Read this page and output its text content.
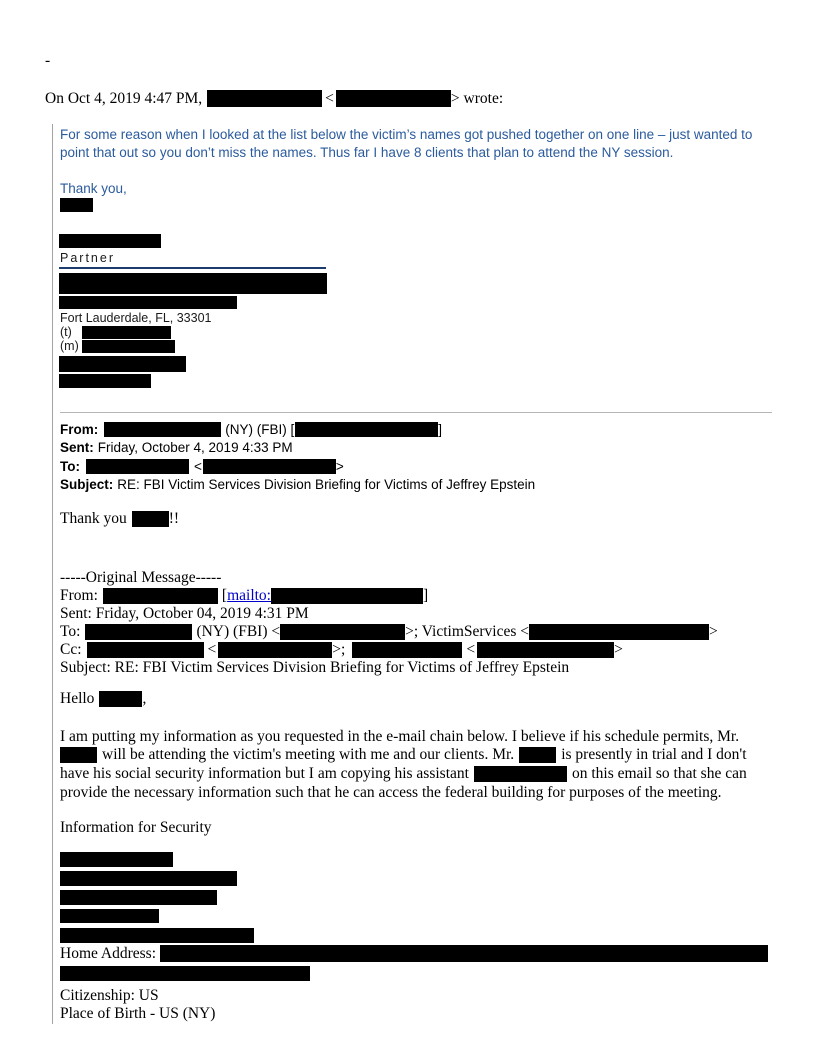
-
On Oct 4, 2019 4:47 PM,	<	> wrote:
For some reason when I looked at the list below the victim’s names got pushed together on one line – just wanted to
point that out so you don’t miss the names. Thus far I have 8 clients that plan to attend the NY session.
Thank you,
Partner
Fort Lauderdale, FL, 33301
(t)
(m)
From:	(NY) (FBI) [	]
Sent: Friday, October 4, 2019 4:33 PM
To:	<	>
Subject: RE: FBI Victim Services Division Briefing for Victims of Jeffrey Epstein
Thank you	!!
-----Original Message-----
From:	[mailto:	]
Sent: Friday, October 04, 2019 4:31 PM
To:	(NY) (FBI) <	>; VictimServices <	>
Cc:	<	>;	<	>
Subject: RE: FBI Victim Services Division Briefing for Victims of Jeffrey Epstein
Hello	,
I am putting my information as you requested in the e-mail chain below. I believe if his schedule permits, Mr.
will be attending the victim's meeting with me and our clients. Mr.	is presently in trial and I don't
have his social security information but I am copying his assistant	on this email so that she can
provide the necessary information such that he can access the federal building for purposes of the meeting.
Information for Security
Home Address:
Citizenship: US
Place of Birth - US (NY)
